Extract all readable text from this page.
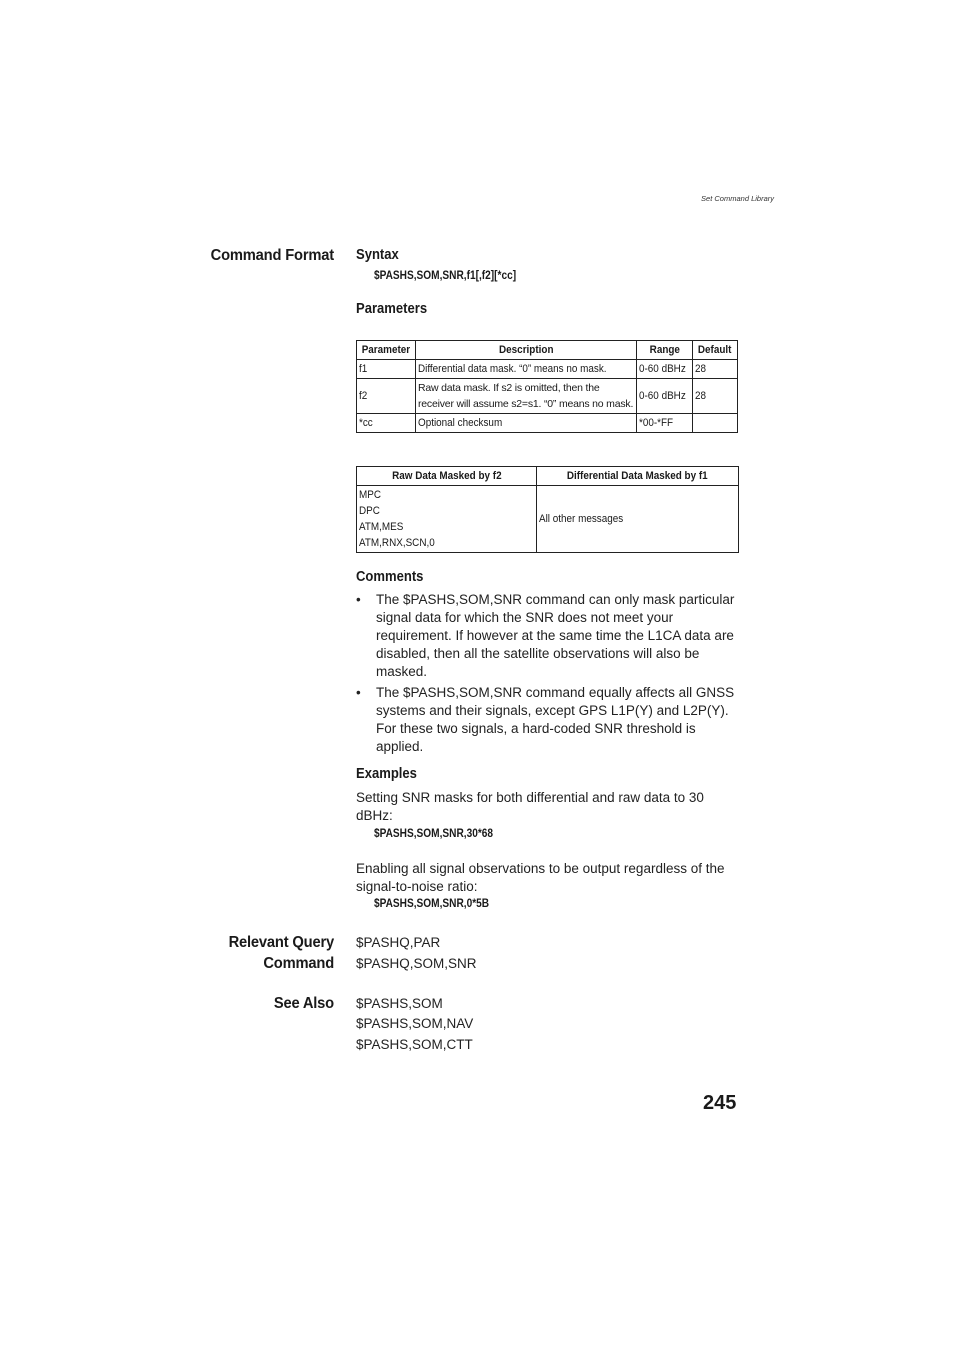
Set Command Library
Command Format Syntax
$PASHS,SOM,SNR,f1[,f2][*cc]
Parameters
Parameter	Description	Range	Default
f1	Differential data mask. “0” means no mask.	0-60 dBHz	28
f2	Raw data mask. If s2 is omitted, then the receiver will assume s2=s1. “0” means no mask.	0-60 dBHz	28
*cc	Optional checksum	*00-*FF	
Raw Data Masked by f2	Differential Data Masked by f1

MPC
DPC
ATM,MES
ATM,RNX,SCN,0	All other messages
Comments
• The $PASHS,SOM,SNR command can only mask particular signal data for which the SNR does not meet your requirement. If however at the same time the L1CA data are disabled, then all the satellite observations will also be masked.
• The $PASHS,SOM,SNR command equally affects all GNSS systems and their signals, except GPS L1P(Y) and L2P(Y). For these two signals, a hard-coded SNR threshold is applied.
Examples
Setting SNR masks for both differential and raw data to 30 dBHz:
$PASHS,SOM,SNR,30*68
Enabling all signal observations to be output regardless of the signal-to-noise ratio:
$PASHS,SOM,SNR,0*5B
Relevant Query
Command
$PASHQ,PAR
$PASHQ,SOM,SNR
See Also $PASHS,SOM
$PASHS,SOM,NAV
$PASHS,SOM,CTT
245
